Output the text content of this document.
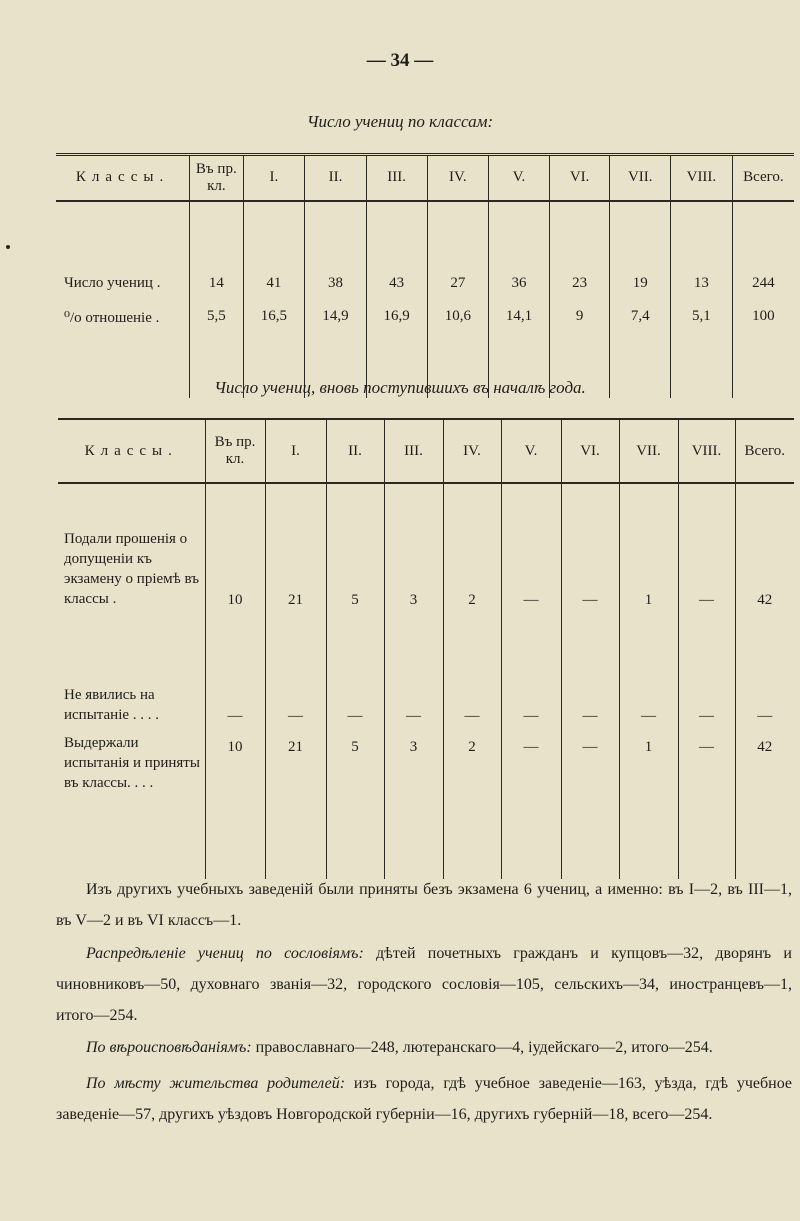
— 34 —
Число учениц по классам:
Классы.	Въ пр. кл.	I.	II.	III.	IV.	V.	VI.	VII.	VIII.	Всего.
Число учениц .	14	41	38	43	27	36	23	19	13	244
⁰/о отношеніе .	5,5	16,5	14,9	16,9	10,6	14,1	9	7,4	5,1	100
Число учениц, вновь поступившихъ въ началѣ года.
Классы.	Въ пр. кл.	I.	II.	III.	IV.	V.	VI.	VII.	VIII.	Всего.
Подали прошенія о допущеніи къ экзамену о пріемѣ въ классы .	10	21	5	3	2	—	—	1	—	42
Не явились на испытаніе . . . .	—	—	—	—	—	—	—	—	—	—
Выдержали испытанія и приняты въ классы. . . .	10	21	5	3	2	—	—	1	—	42
Изъ другихъ учебныхъ заведеній были приняты безъ экзамена 6 учениц, а именно: въ I—2, въ III—1, въ V—2 и въ VI классъ—1.
Распредѣленіе учениц по сословіямъ: дѣтей почетныхъ гражданъ и купцовъ—32, дворянъ и чиновниковъ—50, духовнаго званія—32, городского сословія—105, сельскихъ—34, иностранцевъ—1, итого—254.
По вѣроисповѣданіямъ: православнаго—248, лютеранскаго—4, іудейскаго—2, итого—254.
По мѣсту жительства родителей: изъ города, гдѣ учебное заведеніе—163, уѣзда, гдѣ учебное заведеніе—57, другихъ уѣздовъ Новгородской губерніи—16, другихъ губерній—18, всего—254.
